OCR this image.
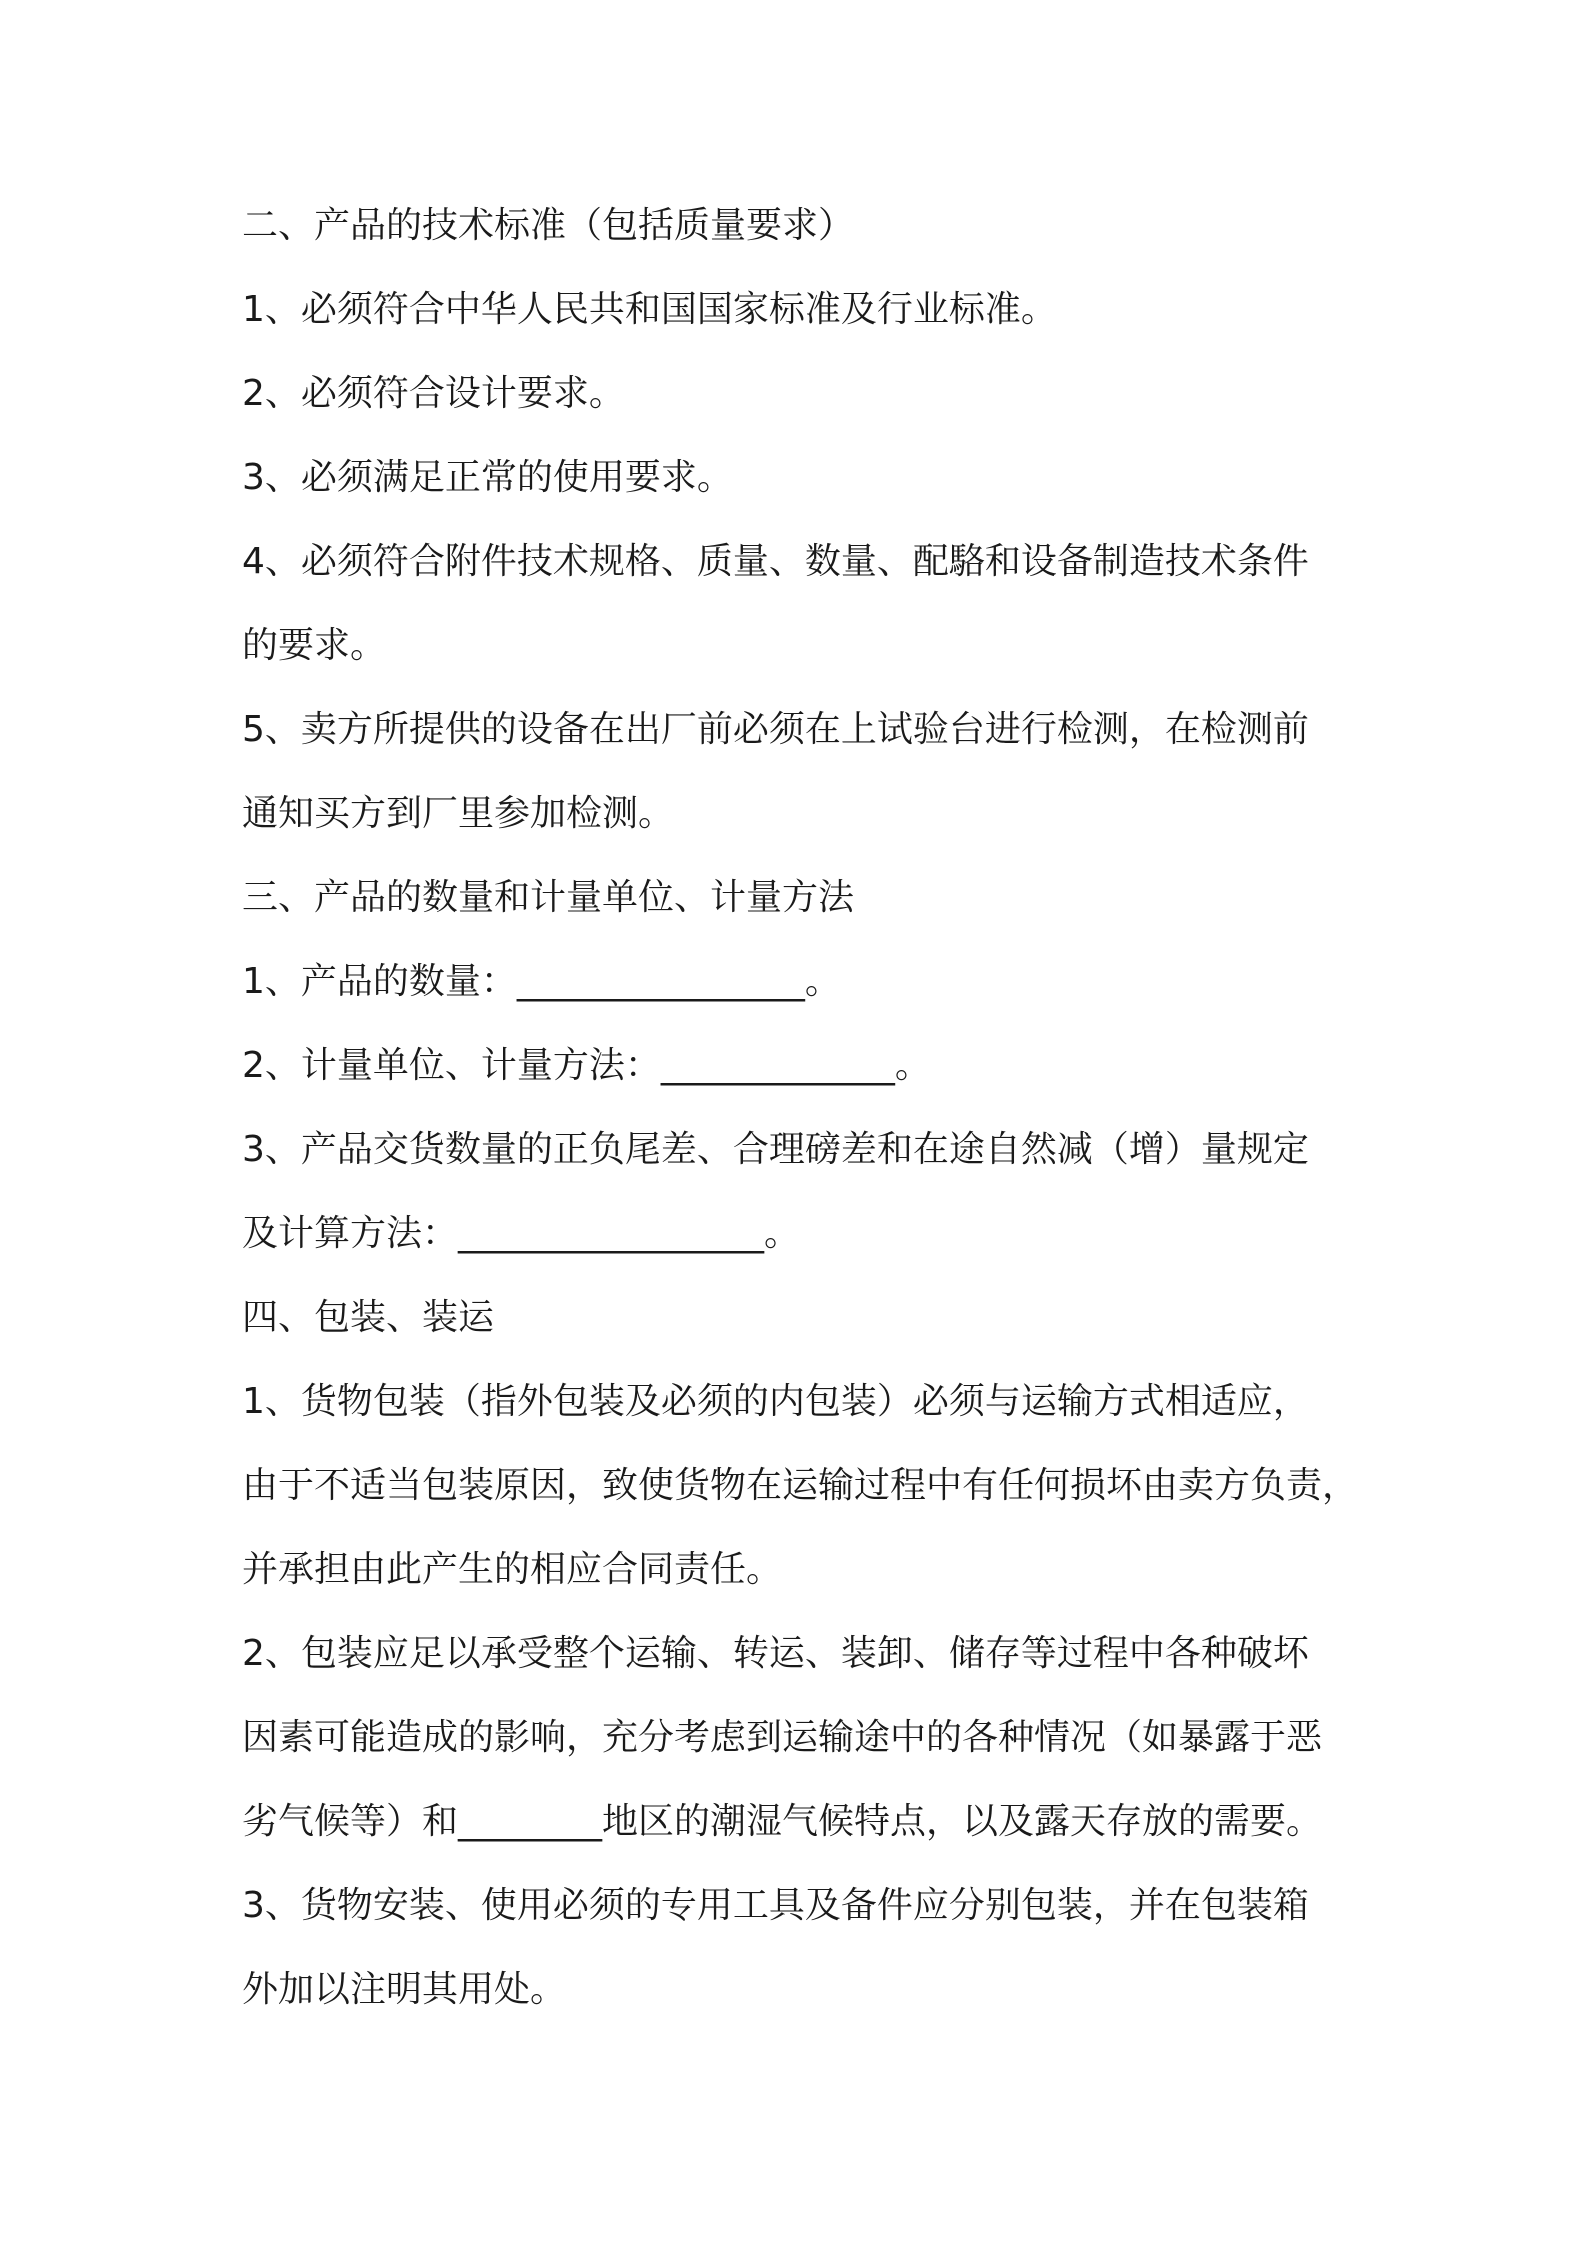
二、产品的技术标准（包括质量要求）
1、必须符合中华人民共和国国家标准及行业标准。
2、必须符合设计要求。
3、必须满足正常的使用要求。
4、必须符合附件技术规格、质量、数量、配駱和设备制造技术条件
的要求。
5、卖方所提供的设备在出厂前必须在上试验台进行检测，在检测前
通知买方到厂里参加检测。
三、产品的数量和计量单位、计量方法
1、产品的数量：________________。
2、计量单位、计量方法：_____________。
3、产品交货数量的正负尾差、合理磅差和在途自然减（增）量规定
及计算方法：_________________。
四、包装、装运
1、货物包装（指外包装及必须的内包装）必须与运输方式相适应，
由于不适当包装原因，致使货物在运输过程中有任何损坏由卖方负责，
并承担由此产生的相应合同责任。
2、包装应足以承受整个运输、转运、装卸、储存等过程中各种破坏
因素可能造成的影响，充分考虑到运输途中的各种情况（如暴露于恶
劣气候等）和________地区的潮湿气候特点，以及露天存放的需要。
3、货物安装、使用必须的专用工具及备件应分别包装，并在包装箱
外加以注明其用处。
